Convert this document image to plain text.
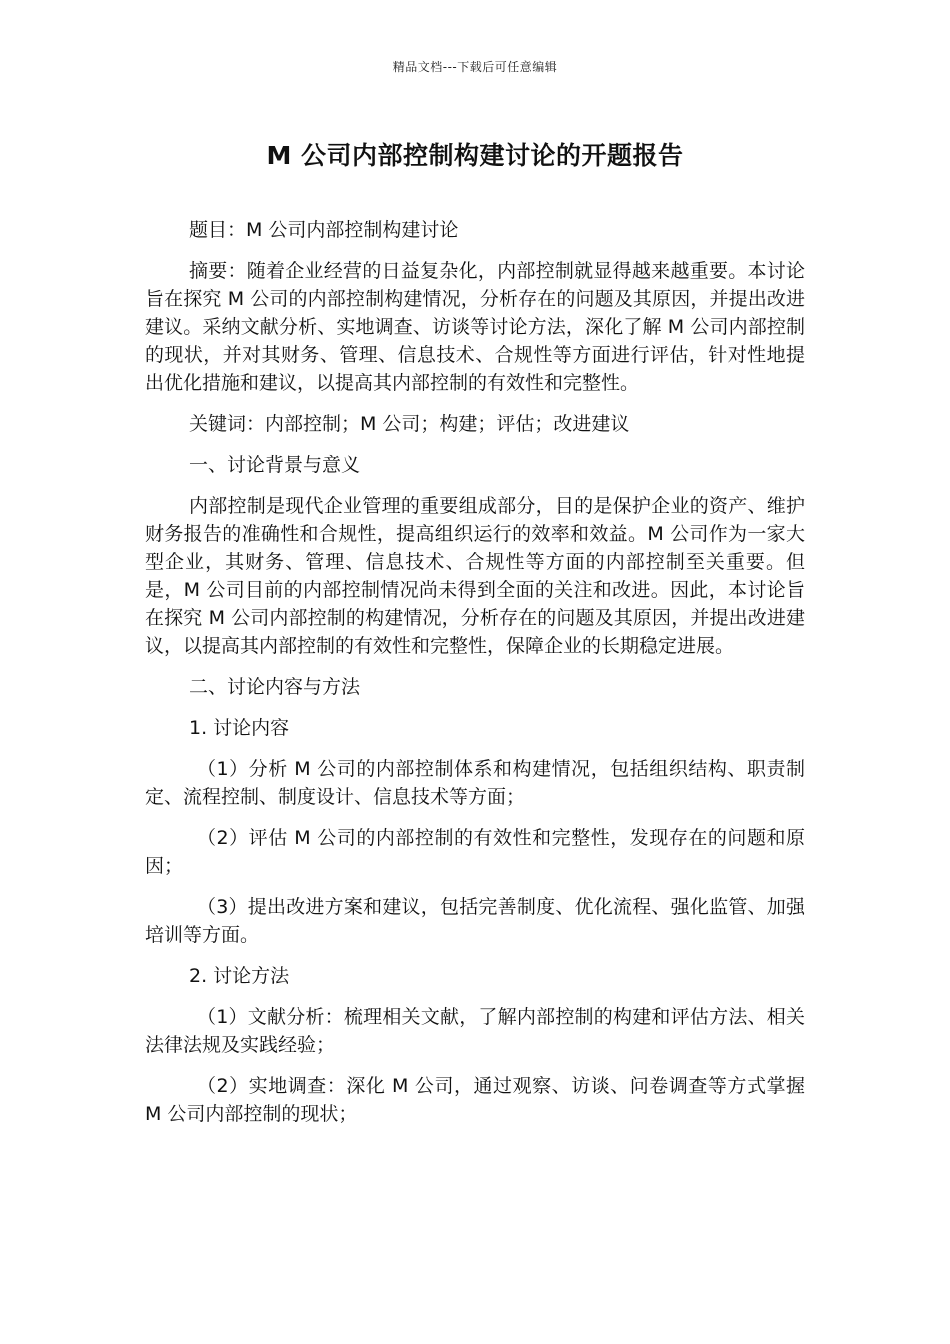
精品文档---下载后可任意编辑
M 公司内部控制构建讨论的开题报告

题目：M 公司内部控制构建讨论

摘要：随着企业经营的日益复杂化，内部控制就显得越来越重要。本讨论旨在探究 M 公司的内部控制构建情况，分析存在的问题及其原因，并提出改进建议。采纳文献分析、实地调查、访谈等讨论方法，深化了解 M 公司内部控制的现状，并对其财务、管理、信息技术、合规性等方面进行评估，针对性地提出优化措施和建议，以提高其内部控制的有效性和完整性。

关键词：内部控制；M 公司；构建；评估；改进建议

一、讨论背景与意义

内部控制是现代企业管理的重要组成部分，目的是保护企业的资产、维护财务报告的准确性和合规性，提高组织运行的效率和效益。M 公司作为一家大型企业，其财务、管理、信息技术、合规性等方面的内部控制至关重要。但是，M 公司目前的内部控制情况尚未得到全面的关注和改进。因此，本讨论旨在探究 M 公司内部控制的构建情况，分析存在的问题及其原因，并提出改进建议，以提高其内部控制的有效性和完整性，保障企业的长期稳定进展。

二、讨论内容与方法

1. 讨论内容

（1）分析 M 公司的内部控制体系和构建情况，包括组织结构、职责制定、流程控制、制度设计、信息技术等方面；

（2）评估 M 公司的内部控制的有效性和完整性，发现存在的问题和原因；

（3）提出改进方案和建议，包括完善制度、优化流程、强化监管、加强培训等方面。

2. 讨论方法

（1）文献分析：梳理相关文献，了解内部控制的构建和评估方法、相关法律法规及实践经验；

（2）实地调查：深化 M 公司，通过观察、访谈、问卷调查等方式掌握 M 公司内部控制的现状；
